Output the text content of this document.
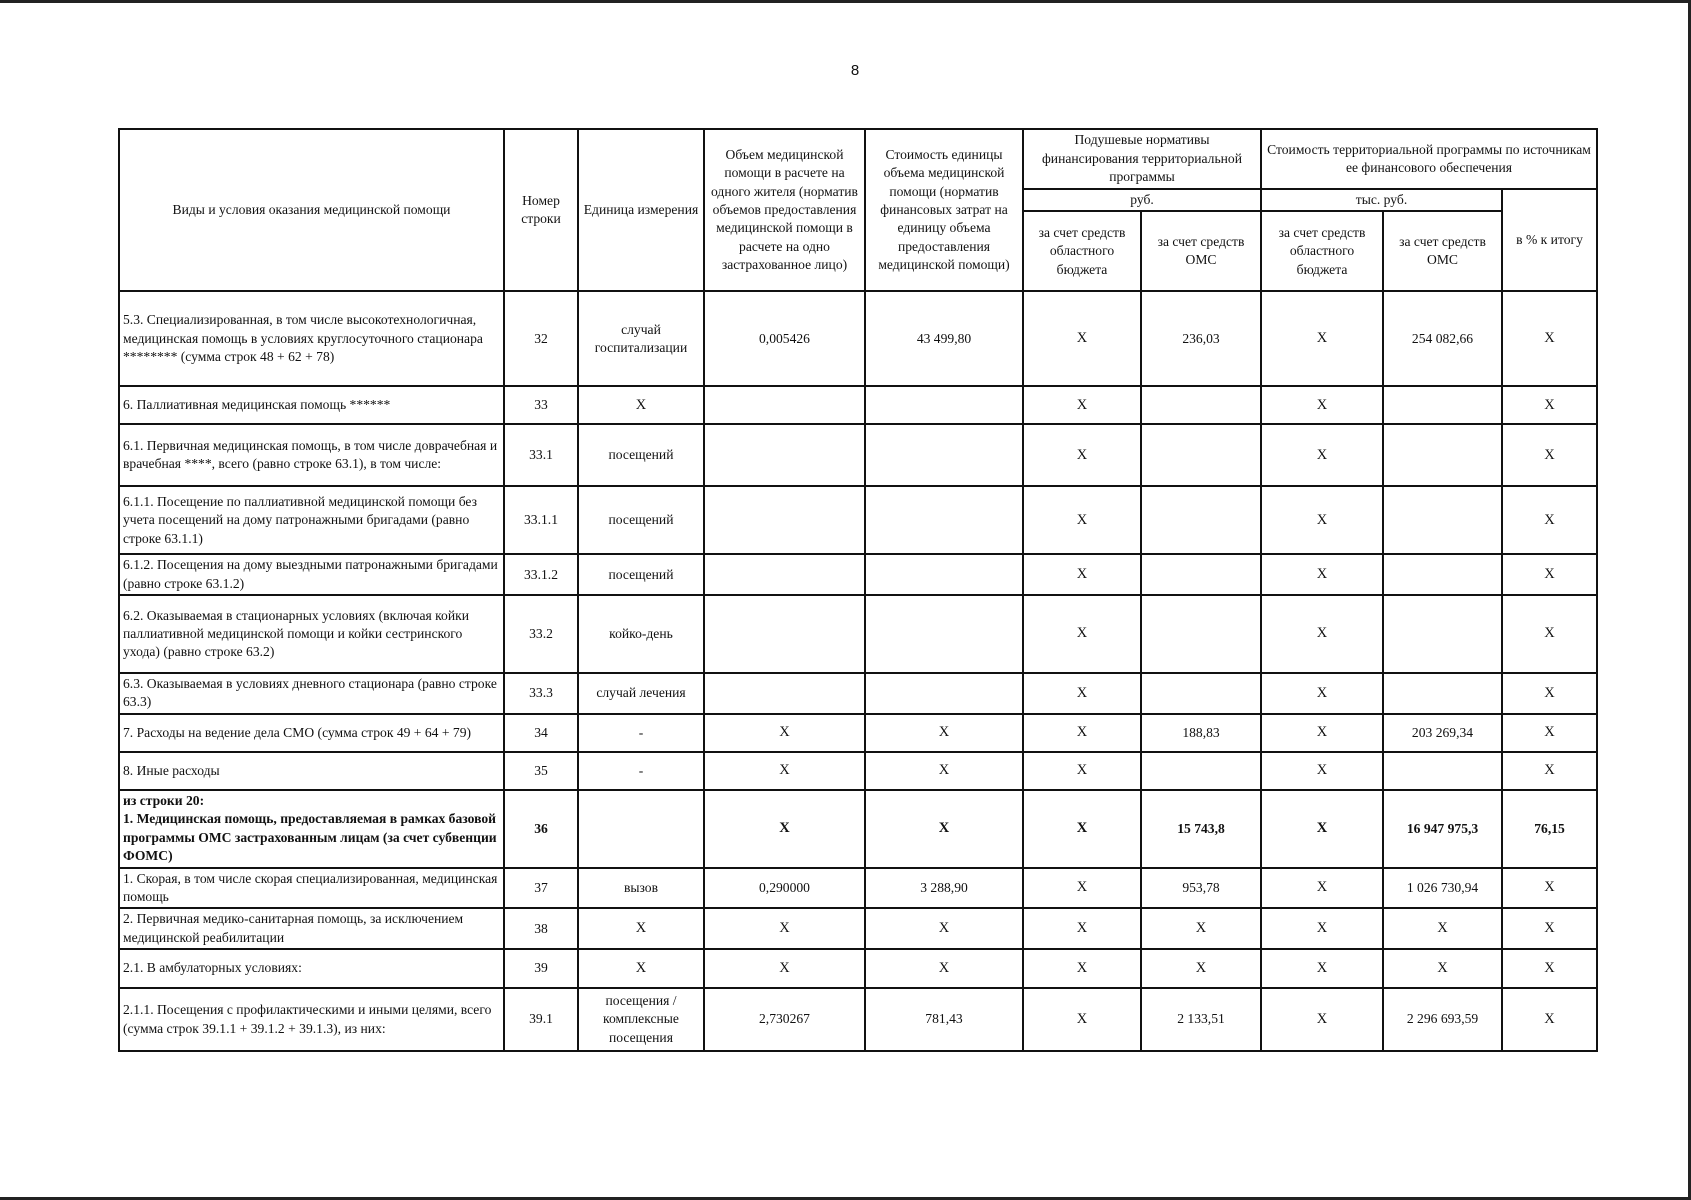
8
Виды и условия оказания медицинской помощи	Номер строки	Единица измерения	Объем медицинской помощи в расчете на одного жителя (норматив объемов предоставления медицинской помощи в расчете на одно застрахованное лицо)	Стоимость единицы объема медицинской помощи (норматив финансовых затрат на единицу объема предоставления медицинской помощи)	Подушевые нормативы финансирования территориальной программы		Стоимость территориальной программы по источникам ее финансового обеспечения		
					руб.		тыс. руб.		в % к итогу
					за счет средств областного бюджета	за счет средств ОМС	за счет средств областного бюджета	за счет средств ОМС	
5.3. Специализированная, в том числе высокотехнологичная, медицинская помощь в условиях круглосуточного стационара ******** (сумма строк 48 + 62 + 78)	32	случай госпитализации	0,005426	43 499,80	Х	236,03	Х	254 082,66	Х
6. Паллиативная медицинская помощь ******	33	Х			Х		Х		Х
6.1. Первичная медицинская помощь, в том числе доврачебная и врачебная ****, всего (равно строке 63.1), в том числе:	33.1	посещений			Х		Х		Х
6.1.1. Посещение по паллиативной медицинской помощи без учета посещений на дому патронажными бригадами (равно строке 63.1.1)	33.1.1	посещений			Х		Х		Х
6.1.2. Посещения на дому выездными патронажными бригадами (равно строке 63.1.2)	33.1.2	посещений			Х		Х		Х
6.2. Оказываемая в стационарных условиях (включая койки паллиативной медицинской помощи и койки сестринского ухода) (равно строке 63.2)	33.2	койко-день			Х		Х		Х
6.3. Оказываемая в условиях дневного стационара (равно строке 63.3)	33.3	случай лечения			Х		Х		Х
7. Расходы на ведение дела СМО (сумма строк 49 + 64 + 79)	34	-	Х	Х	Х	188,83	Х	203 269,34	Х
8. Иные расходы	35	-	Х	Х	Х		Х		Х
из строки 20:
1. Медицинская помощь, предоставляемая в рамках базовой программы ОМС застрахованным лицам (за счет субвенции ФОМС)	36		Х	Х	Х	15 743,8	Х	16 947 975,3	76,15
1. Скорая, в том числе скорая специализированная, медицинская помощь	37	вызов	0,290000	3 288,90	Х	953,78	Х	1 026 730,94	Х
2. Первичная медико-санитарная помощь, за исключением медицинской реабилитации	38	Х	Х	Х	Х	Х	Х	Х	Х
2.1. В амбулаторных условиях:	39	Х	Х	Х	Х	Х	Х	Х	Х
2.1.1. Посещения с профилактическими и иными целями, всего (сумма строк 39.1.1 + 39.1.2 + 39.1.3), из них:	39.1	посещения / комплексные посещения	2,730267	781,43	Х	2 133,51	Х	2 296 693,59	Х
